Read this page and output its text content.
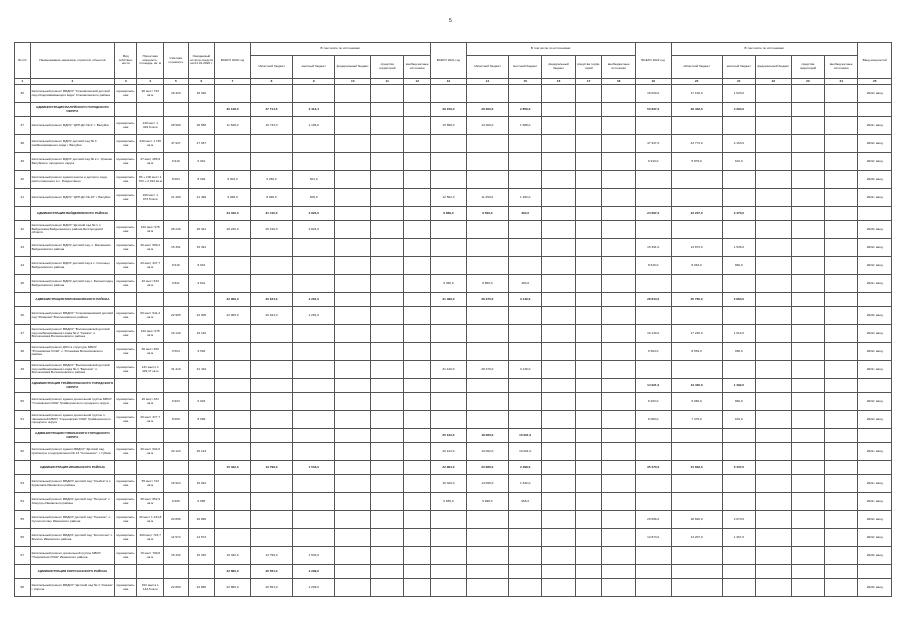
5
№ п/п	Наименование заказчика, отраслей, объектов	Вид собствен-ности	Проектная мощность, площадь, кв. м	Сметная стоимость	Ожидаемый остаток средств на 01.01.2020 г.	ВСЕГО 2020 год	В том числе по источникам:					ВСЕГО 2021 год	В том числе по источникам:					ВСЕГО 2022 год	В том числе по источникам:					Ввод мощностей
							областной бюджет	местный бюджет	федеральный бюджет	средства территорий	внебюд-жетные источники		областной бюджет	местный бюджет	федеральный бюджет	средства терри-торий	внебюджетные источники		областной бюджет	местный бюджет	федеральный бюджет	средства территорий	внебюд-жетные источники	
1	2	3	4	5	6	7	8	9	10	11	12	13	14	15	16	17	18	19	20	21	22	23	24	25
36	Капитальный ремонт МБДОУ "Становлянский детский сад общеразвивающего вида" Становлянского района	муниципаль-ная	90 мест 733 кв.м	18 320	18 320													18 620,0	17 100,0	1 520,0				2022г. ввод
	АДМИНИСТРАЦИЯ ВАЛУЙСКОГО ГОРОДСКОГО ОКРУГА					30 128,0	27 714,6	2 413,4				29 159,0	26 300,0	2 859,0				53 837,0	49 402,0	4 394,0				
37	Капитальный ремонт МДОУ "ЦРР-ДС № 2" г. Валуйки	муниципаль-ная	130 мест 1 429,6 кв.м	28 560	28 560	11 628,0	10 733,0	1 195,0				15 658,0	13 300,0	1 588,0										2021г. ввод
38	Капитальный ремонт МДОУ детский сад № 3 комбинированного вида г. Валуйки	муниципаль-ная	240 мест 1 730 кв.м	47 937	47 937													47 937,0	43 774,0	4 163,0				2022г. ввод
39	Капитальный ремонт МДОУ детский сад № 2 с. Уразово Валуйского городского округа	муниципаль-ная	37 мест 285,8 кв.м	6 910	6 910													6 910,0	5 879,0	631,0				2022г. ввод
40	Капитальный ремонт здания школы и детского сада, расположенного в с. Рождествено	муниципаль-ная	80 + 100 мест 1 703 + 2 913 кв.м	8 004	8 004	8 004,0	6 266,0	601,0																2020г. ввод
41	Капитальный ремонт МДОУ "ЦРР-ДС № 10" г. Валуйки	муниципаль-ная	190 мест 1 073,5 кв.м	21 499	21 499	9 068,0	8 096,0	605,0				12 502,0	11 250,0	1 252,0										2021г. ввод
	АДМИНИСТРАЦИЯ ВЕЙДЕЛЕВСКОГО РАЙОНА					34 340,0	31 415,0	2 925,0				9 869,0	9 500,0	364,0				24 697,0	22 227,0	2 470,0				
42	Капитальный ремонт МДОУ "Детский сад № 1 п. Вейделевка Вейделевского района Белгородской области	муниципаль-ная	120 мест 975 кв.м	28 240	26 341	28 240,0	25 416,0	2 824,0																2020г. ввод
43	Капитальный ремонт МДОУ детский сад, с. Малакеево Вейделевского района	муниципаль-ная	40 мест 599,2 кв.м	15 391	15 391													15 391,0	13 873,0	1 536,0				2022г. ввод
44	Капитальный ремонт МДОУ детский сад в с. Солонцы Вейделевского района	муниципаль-ная	20 мест 437,7 кв.м	8 616	8 616													8 616,0	8 064,0	862,0				2022г. ввод
45	Капитальный ремонт МДОУ детский сад с. Белоколодец Вейделевского района	муниципаль-ная	40 мест 633 кв.м	9 841	9 841							9 360,0	8 860,0	490,0										2021г. ввод
	АДМИНИСТРАЦИЯ ВОЛОКОНОВСКОГО РАЙОНА					22 909,0	20 624,0	2 281,0				31 499,0	28 370,0	3 149,0				28 844,0	25 760,0	2 884,0				
46	Капитальный ремонт МБДОУ "Староивановский детский сад "Ромашка" Волоконовского района	муниципаль-ная	50 мест 641,2 кв.м	22 905	22 905	22 905,0	20 624,0	2 281,0																2020г. ввод
47	Капитальный ремонт МБДОУ "Волоконовский детский сад комбинированного вида № 2 "Сказка", п. Волоконовка Волоконовского района	муниципаль-ная	120 мест 675 кв.м	19 140	19 140													19 140,0	17 226,0	1 914,0				2022г. ввод
48	Капитальный ремонт ДОО в структуре МБОУ "Ютановская СОШ", с. Ютановка Волоконовского района	муниципаль-ная	50 мест 450 кв.м	9 504	9 504													9 504,0	8 554,0	950,0				2022г. ввод
49	Капитальный ремонт МБДОУ "Волоконовский детский сад комбинированного вида № 1 "Березка", п. Волоконовка Волоконовского района	муниципаль-ная	131 место 1 429,17 кв.м	31 419	31 419							31 419,0	28 370,0	3 149,0										2021г. ввод
	АДМИНИСТРАЦИЯ ГРАЙВОРОНСКОГО ГОРОДСКОГО ОКРУГА																	14 921,0	13 420,0	1 492,0				
50	Капитальный ремонт здания дошкольной группы МБОУ "Гломовская ООШ" Грайворонского городского округа	муниципаль-ная	20 мест 331 кв.м	6 923	6 923													6 923,0	6 960,0	862,0				2022г. ввод
51	Капитальный ремонт здания дошкольной группы п. Чапаевский МБОУ "Горьковская СОШ" Грайворонского городского округа	муниципаль-ная	20 мест 377,7 кв.м	8 009	8 009													8 009,0	7 470,0	631,0				2022г. ввод
	АДМИНИСТРАЦИЯ ГУБКИНСКОГО ГОРОДСКОГО ОКРУГА											20 123,0	18 083,0	10 061,0										
52	Капитальный ремонт здания МБДОУ "Детский сад присмотра и оздоровления № 13 "Солнышко", г. Губкин	муниципаль-ная	40 мест 604,6 кв.м	20 123	20 123							20 123,0	10 062,0	10 061,0										2021г. ввод
	АДМИНИСТРАЦИЯ ИВНЯНСКОГО РАЙОНА					15 332,0	13 799,0	1 533,0				22 994,0	20 686,0	2 298,0				35 270,0	31 833,0	3 437,0				
53	Капитальный ремонт МБДОУ детский сад "Улыбка" в с. Курасовка Ивнянского района	муниципаль-ная	55 мест 743 кв.м	16 924	16 924							16 329,0	14 695,0	1 632,0										2021г. ввод
54	Капитальный ремонт МБДОУ детский сад "Петушок" с. Хомутцы Ивнянского района	муниципаль-ная	35 мест 652,9 кв.м	6 665	6 665							6 665,0	5 998,0	666,0										2021г. ввод
55	Капитальный ремонт МБДОУ детский сад "Теремок", с. Сухосолотино Ивнянского района	муниципаль-ная	40 мест 1 234,8 кв.м	20 896	20 896													20 696,0	18 826,0	2 070,0				2022г. ввод
56	Капитальный ремонт МБДОУ детский сад "Колосочек" с. Богатое Ивнянского района	муниципаль-ная	400 мест 723,7 кв.м	14 574	14 574													14 874,0	13 207,0	1 467,0				2022г. ввод
57	Капитальный ремонт дошкольной группы МБОУ "Покровская ООШ" Ивнянского района	муниципаль-ная	70 мест 799,8 кв.м	15 332	15 332	15 332,0	13 799,0	1 533,0																2020г. ввод
	АДМИНИСТРАЦИЯ КОРОЧАНСКОГО РАЙОНА					22 860,0	20 561,0	2 299,0																
58	Капитальный ремонт МБДОУ "Детский сад № 1 "Сказка" г. Короча	муниципаль-ная	152 места 1 144,5 кв.м	22 860	22 860	22 860,0	20 561,0	2 299,0																2020г. ввод
